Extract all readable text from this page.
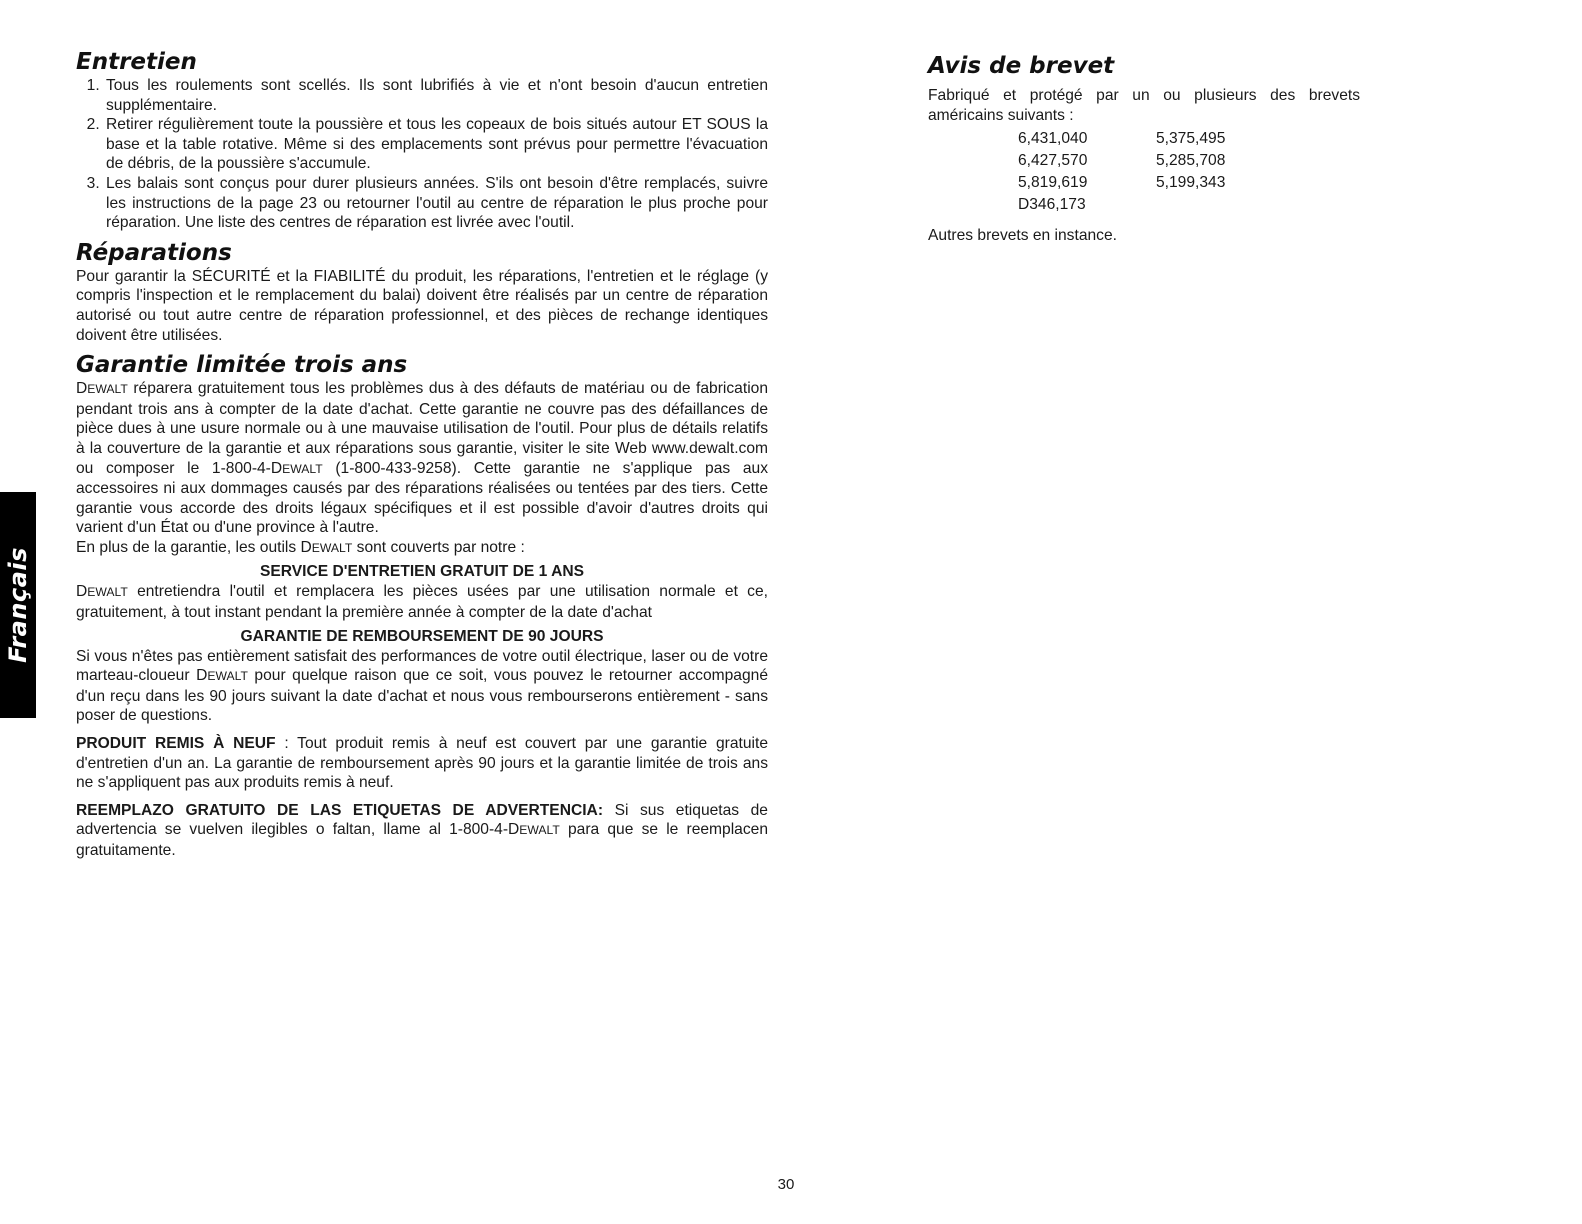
Français
Entretien
1. Tous les roulements sont scellés. Ils sont lubrifiés à vie et n'ont besoin d'aucun entretien supplémentaire.
2. Retirer régulièrement toute la poussière et tous les copeaux de bois situés autour ET SOUS la base et la table rotative. Même si des emplacements sont prévus pour permettre l'évacuation de débris, de la poussière s'accumule.
3. Les balais sont conçus pour durer plusieurs années. S'ils ont besoin d'être remplacés, suivre les instructions de la page 23 ou retourner l'outil au centre de réparation le plus proche pour réparation. Une liste des centres de réparation est livrée avec l'outil.
Réparations

Pour garantir la SÉCURITÉ et la FIABILITÉ du produit, les réparations, l'entretien et le réglage (y compris l'inspection et le remplacement du balai) doivent être réalisés par un centre de réparation autorisé ou tout autre centre de réparation professionnel, et des pièces de rechange identiques doivent être utilisées.

Garantie limitée trois ans

DEWALT réparera gratuitement tous les problèmes dus à des défauts de matériau ou de fabrication pendant trois ans à compter de la date d'achat. Cette garantie ne couvre pas des défaillances de pièce dues à une usure normale ou à une mauvaise utilisation de l'outil. Pour plus de détails relatifs à la couverture de la garantie et aux réparations sous garantie, visiter le site Web www.dewalt.com ou composer le 1-800-4-DEWALT (1-800-433-9258). Cette garantie ne s'applique pas aux accessoires ni aux dommages causés par des réparations réalisées ou tentées par des tiers. Cette garantie vous accorde des droits légaux spécifiques et il est possible d'avoir d'autres droits qui varient d'un État ou d'une province à l'autre.

En plus de la garantie, les outils DEWALT sont couverts par notre :

SERVICE D'ENTRETIEN GRATUIT DE 1 ANS

DEWALT entretiendra l'outil et remplacera les pièces usées par une utilisation normale et ce, gratuitement, à tout instant pendant la première année à compter de la date d'achat

GARANTIE DE REMBOURSEMENT DE 90 JOURS

Si vous n'êtes pas entièrement satisfait des performances de votre outil électrique, laser ou de votre marteau-cloueur DEWALT pour quelque raison que ce soit, vous pouvez le retourner accompagné d'un reçu dans les 90 jours suivant la date d'achat et nous vous rembourserons entièrement - sans poser de questions.

PRODUIT REMIS À NEUF : Tout produit remis à neuf est couvert par une garantie gratuite d'entretien d'un an. La garantie de remboursement après 90 jours et la garantie limitée de trois ans ne s'appliquent pas aux produits remis à neuf.

REEMPLAZO GRATUITO DE LAS ETIQUETAS DE ADVERTENCIA: Si sus etiquetas de advertencia se vuelven ilegibles o faltan, llame al 1-800-4-DEWALT para que se le reemplacen gratuitamente.

Avis de brevet

Fabriqué et protégé par un ou plusieurs des brevets américains suivants :

6,431,040	5,375,495
6,427,570	5,285,708
5,819,619	5,199,343
D346,173

Autres brevets en instance.

30
